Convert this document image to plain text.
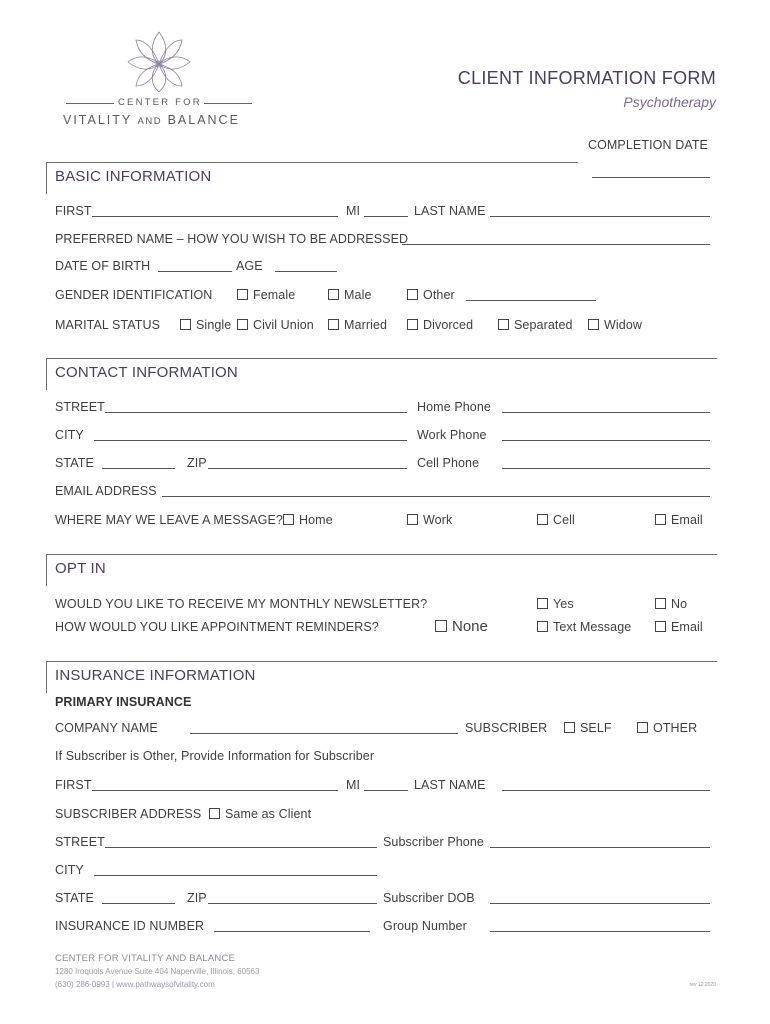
CENTER FOR
VITALITY AND BALANCE
CLIENT INFORMATION FORM
Psychotherapy
COMPLETION DATE
BASIC INFORMATION
FIRST	MI	LAST NAME
PREFERRED NAME – HOW YOU WISH TO BE ADDRESSED
DATE OF BIRTH	AGE
GENDER IDENTIFICATION	Female	Male	Other
MARITAL STATUS	Single	Civil Union	Married	Divorced	Separated	Widow
CONTACT INFORMATION
STREET	Home Phone
CITY	Work Phone
STATE	ZIP	Cell Phone
EMAIL ADDRESS
WHERE MAY WE LEAVE A MESSAGE?	Home	Work	Cell	Email
OPT IN
WOULD YOU LIKE TO RECEIVE MY MONTHLY NEWSLETTER?	Yes	No
HOW WOULD YOU LIKE APPOINTMENT REMINDERS?	None	Text Message	Email
INSURANCE INFORMATION
PRIMARY INSURANCE
COMPANY NAME	SUBSCRIBER	SELF	OTHER
If Subscriber is Other, Provide Information for Subscriber
FIRST	MI	LAST NAME
SUBSCRIBER ADDRESS	Same as Client
STREET	Subscriber Phone
CITY
STATE	ZIP	Subscriber DOB
INSURANCE ID NUMBER	Group Number
CENTER FOR VITALITY AND BALANCE
1280 Iroquois Avenue Suite 404 Naperville, Illinois, 60563
(630) 286-0993 | www.pathwaysofvitality.com	rev 12.2020
